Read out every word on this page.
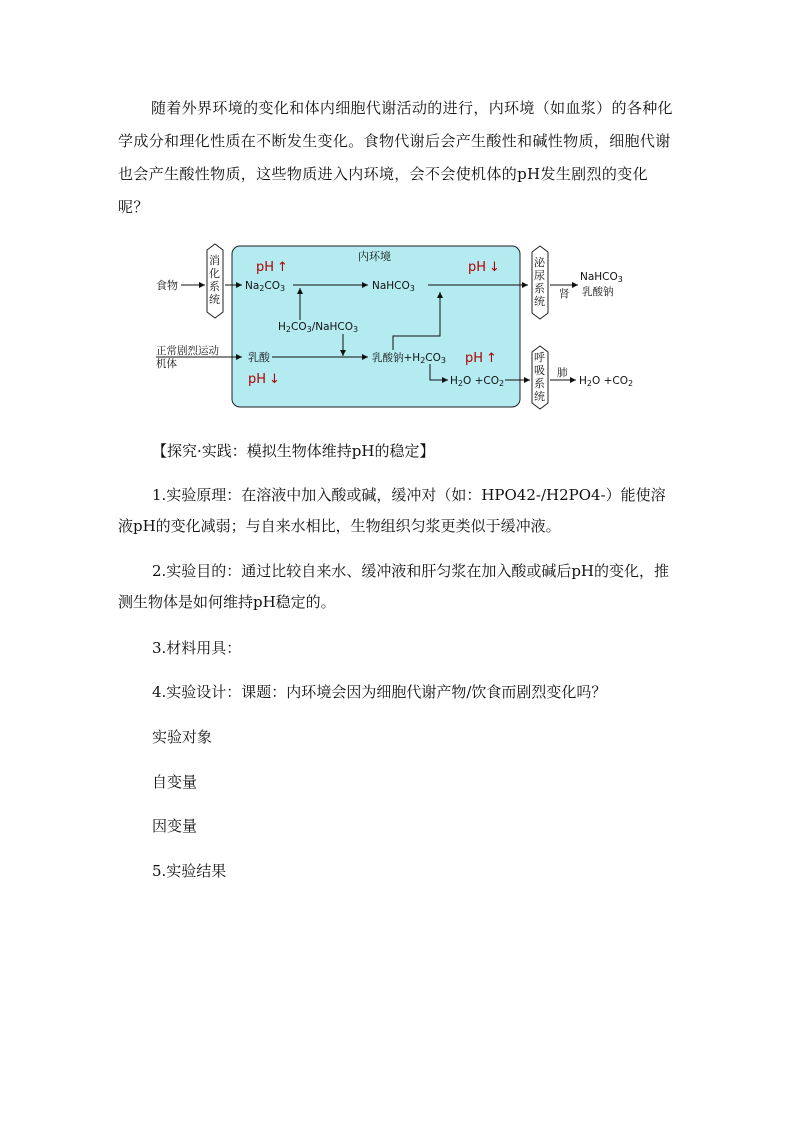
随着外界环境的变化和体内细胞代谢活动的进行，内环境（如血浆）的各种化学成分和理化性质在不断发生变化。食物代谢后会产生酸性和碱性物质，细胞代谢也会产生酸性物质，这些物质进入内环境，会不会使机体的pH发生剧烈的变化呢？

内环境
消
化
系
统
泌
尿
系
统
呼
吸
系
统
食物	Na2CO3
pH ↑
NaHCO3
pH ↓
H2CO3/NaHCO3
正常剧烈运动
机体	乳酸
pH ↓
乳酸钠+H2CO3 pH ↑
H2O +CO2
肾
NaHCO3
乳酸钠
肺
H2O +CO2

【探究·实践：模拟生物体维持pH的稳定】

1.实验原理：在溶液中加入酸或碱，缓冲对（如：HPO42-/H2PO4-）能使溶液pH的变化减弱；与自来水相比，生物组织匀浆更类似于缓冲液。

2.实验目的：通过比较自来水、缓冲液和肝匀浆在加入酸或碱后pH的变化，推测生物体是如何维持pH稳定的。

3.材料用具：

4.实验设计：课题：内环境会因为细胞代谢产物/饮食而剧烈变化吗？

实验对象

自变量

因变量

5.实验结果
